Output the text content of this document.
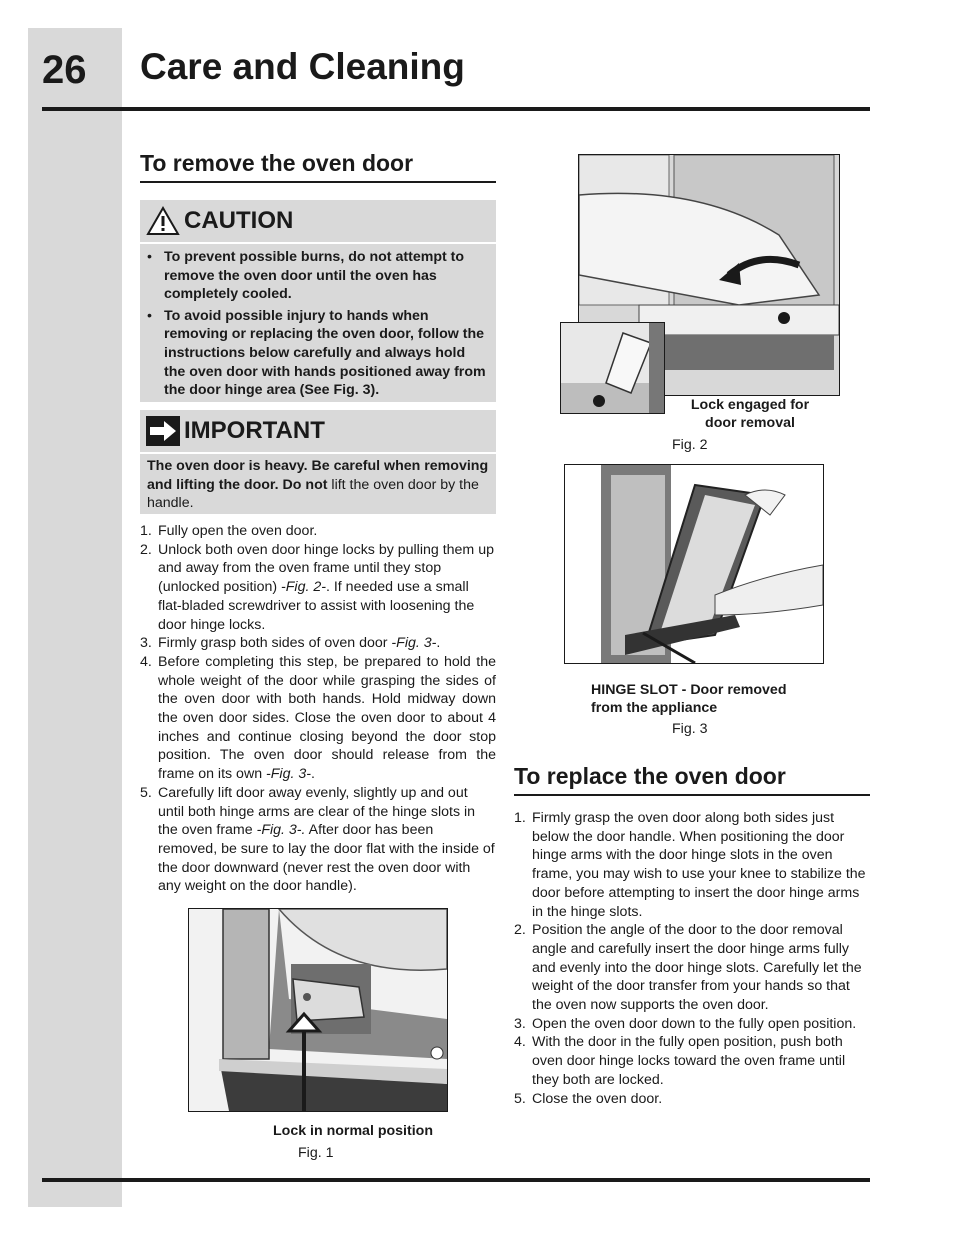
26 Care and Cleaning
To remove the oven door
CAUTION
• To prevent possible burns, do not attempt to remove the oven door until the oven has completely cooled.
• To avoid possible injury to hands when removing or replacing the oven door, follow the instructions below carefully and always hold the oven door with hands positioned away from the door hinge area (See Fig. 3).
IMPORTANT
The oven door is heavy. Be careful when removing and lifting the door. Do not lift the oven door by the handle.
1. Fully open the oven door.
2. Unlock both oven door hinge locks by pulling them up and away from the oven frame until they stop (unlocked position) -Fig. 2-. If needed use a small flat-bladed screwdriver to assist with loosening the door hinge locks.
3. Firmly grasp both sides of oven door -Fig. 3-.
4. Before completing this step, be prepared to hold the whole weight of the door while grasping the sides of the oven door with both hands. Hold midway down the oven door sides. Close the oven door to about 4 inches and continue closing beyond the door stop position. The oven door should release from the frame on its own -Fig. 3-.
5. Carefully lift door away evenly, slightly up and out until both hinge arms are clear of the hinge slots in the oven frame -Fig. 3-. After door has been removed, be sure to lay the door flat with the inside of the door downward (never rest the oven door with any weight on the door handle).
Lock in normal position
Fig. 1
Lock engaged for
door removal
Fig. 2
HINGE SLOT - Door removed
from the appliance
Fig. 3
To replace the oven door
1. Firmly grasp the oven door along both sides just below the door handle. When positioning the door hinge arms with the door hinge slots in the oven frame, you may wish to use your knee to stabilize the door before attempting to insert the door hinge arms in the hinge slots.
2. Position the angle of the door to the door removal angle and carefully insert the door hinge arms fully and evenly into the door hinge slots. Carefully let the weight of the door transfer from your hands so that the oven now supports the oven door.
3. Open the oven door down to the fully open position.
4. With the door in the fully open position, push both oven door hinge locks toward the oven frame until they both are locked.
5. Close the oven door.
